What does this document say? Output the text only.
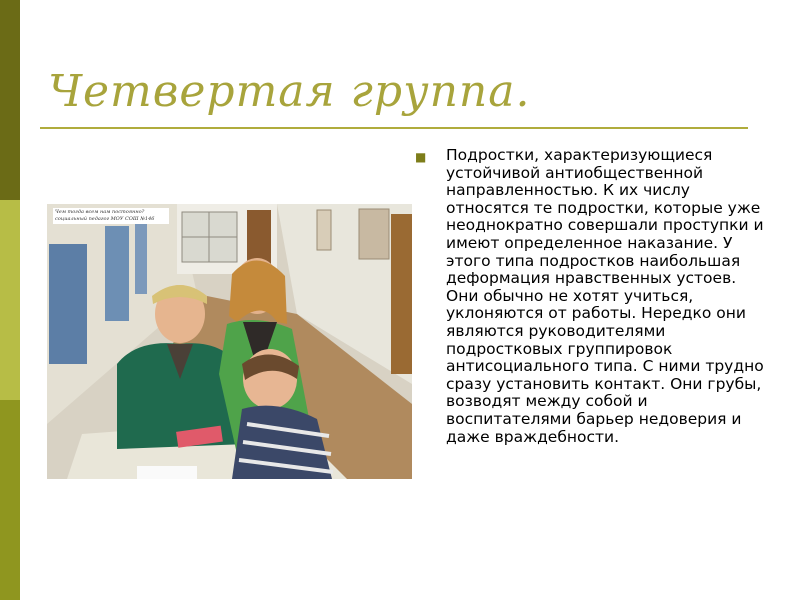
Четвертая группа.
Чем тогда всем нам постоянно? социальный педагог МОУ СОШ №146
■ Подростки, характеризующиеся устойчивой антиобщественной направленностью. К их числу относятся те подростки, которые уже неоднократно совершали проступки и имеют определенное наказание. У этого типа подростков наибольшая деформация нравственных устоев. Они обычно не хотят учиться, уклоняются от работы. Нередко они являются руководителями подростковых группировок антисоциального типа. С ними трудно сразу установить контакт. Они грубы, возводят между собой и воспитателями барьер недоверия и даже враждебности.
